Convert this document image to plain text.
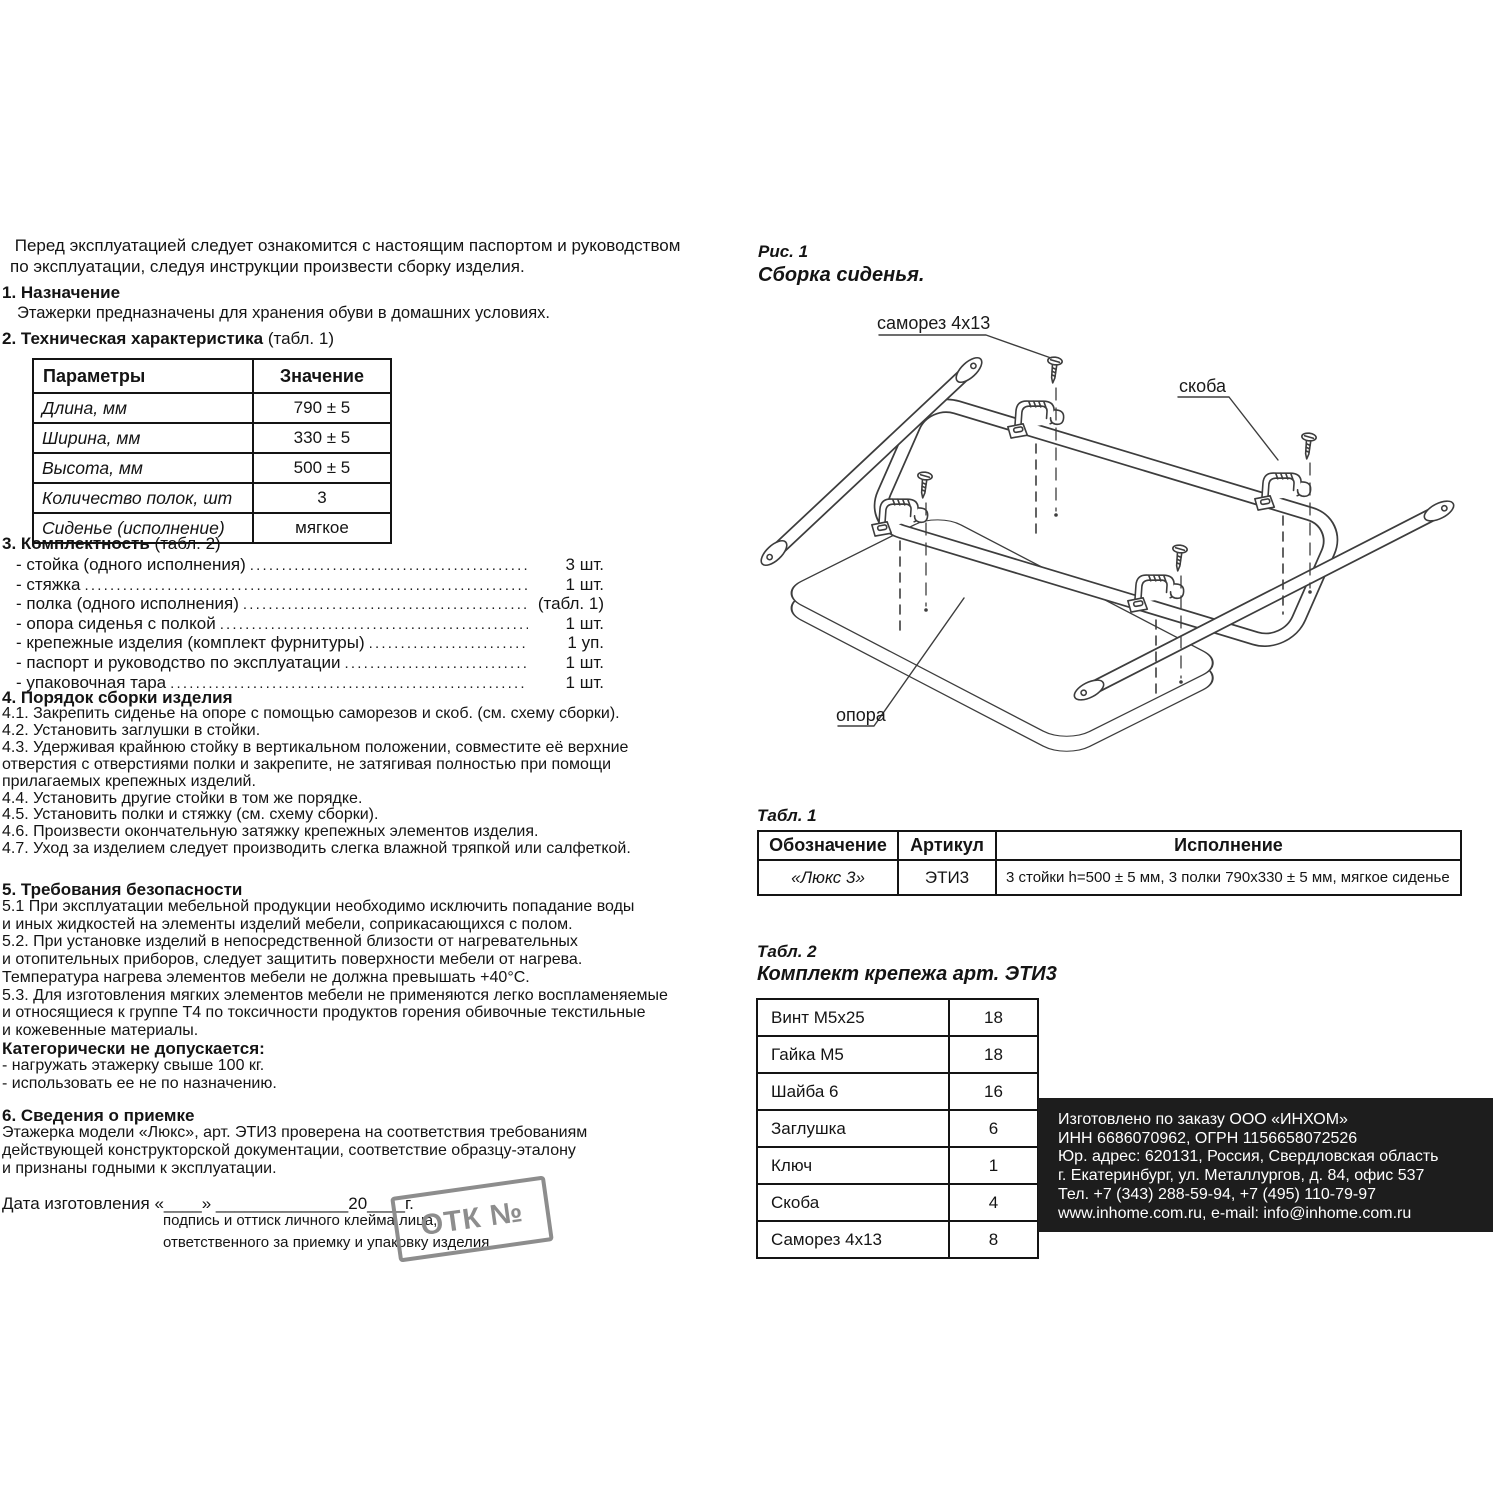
Перед эксплуатацией следует ознакомится с настоящим паспортом и руководством
по эксплуатации, следуя инструкции произвести сборку изделия.
1. Назначение
Этажерки предназначены для хранения обуви в домашних условиях.
2. Техническая характеристика (табл. 1)
Параметры	Значение
Длина, мм	790 ± 5
Ширина, мм	330 ± 5
Высота, мм	500 ± 5
Количество полок, шт	3
Сиденье (исполнение)	мягкое
3. Комплектность (табл. 2)
- стойка (одного исполнения) .....	3 шт.
- стяжка .....	1 шт.
- полка (одного исполнения) .....	(табл. 1)
- опора сиденья с полкой .....	1 шт.
- крепежные изделия (комплект фурнитуры) .....	1 уп.
- паспорт и руководство по эксплуатации .....	1 шт.
- упаковочная тара .....	1 шт.
4. Порядок сборки изделия
4.1. Закрепить сиденье на опоре с помощью саморезов и скоб. (см. схему сборки).
4.2. Установить заглушки в стойки.
4.3. Удерживая крайнюю стойку в вертикальном положении, совместите её верхние
отверстия с отверстиями полки и закрепите, не затягивая полностью при помощи
прилагаемых крепежных изделий.
4.4. Установить другие стойки в том же порядке.
4.5. Установить полки и стяжку (см. схему сборки).
4.6. Произвести окончательную затяжку крепежных элементов изделия.
4.7. Уход за изделием следует производить слегка влажной тряпкой или салфеткой.
5. Требования безопасности
5.1 При эксплуатации мебельной продукции необходимо исключить попадание воды
и иных жидкостей на элементы изделий мебели, соприкасающихся с полом.
5.2. При установке изделий в непосредственной близости от нагревательных
и отопительных приборов, следует защитить поверхности мебели от нагрева.
Температура нагрева элементов мебели не должна превышать +40°С.
5.3. Для изготовления мягких элементов мебели не применяются легко воспламеняемые
и относящиеся к группе Т4 по токсичности продуктов горения обивочные текстильные
и кожевенные материалы.
Категорически не допускается:
- нагружать этажерку свыше 100 кг.
- использовать ее не по назначению.
6. Сведения о приемке
Этажерка модели «Люкс», арт. ЭТИ3 проверена на соответствия требованиям
действующей конструкторской документации, соответствие образцу-эталону
и признаны годными к эксплуатации.
Дата изготовления «____» ______________20____г.
подпись и оттиск личного клейма лица,
ответственного за приемку и упаковку изделия
ОТК №
Рис. 1
Сборка сиденья.
саморез 4x13
скоба
опора
Табл. 1
Обозначение	Артикул	Исполнение
«Люкс 3»	ЭТИ3	3 стойки h=500 ± 5 мм, 3 полки 790х330 ± 5 мм, мягкое сиденье
Табл. 2
Комплект крепежа арт. ЭТИ3
Винт М5х25	18
Гайка М5	18
Шайба 6	16
Заглушка	6
Ключ	1
Скоба	4
Саморез 4х13	8
Изготовлено по заказу ООО «ИНХОМ»
ИНН 6686070962, ОГРН 1156658072526
Юр. адрес: 620131, Россия, Свердловская область
г. Екатеринбург, ул. Металлургов, д. 84, офис 537
Тел. +7 (343) 288-59-94, +7 (495) 110-79-97
www.inhome.com.ru, e-mail: info@inhome.com.ru
